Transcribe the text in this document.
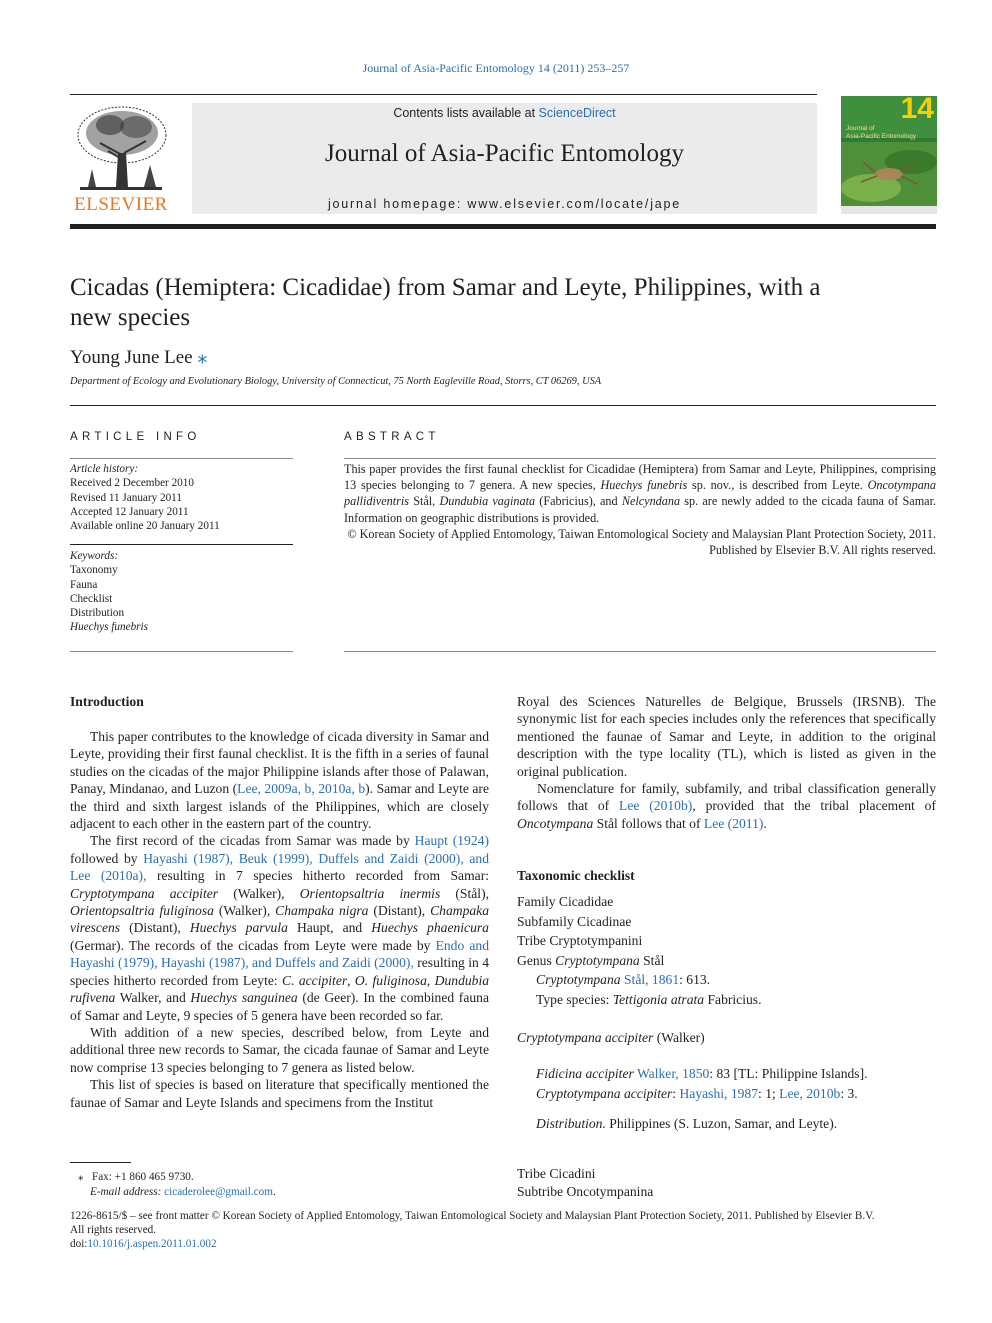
Journal of Asia-Pacific Entomology 14 (2011) 253–257
ELSEVIER
Contents lists available at ScienceDirect
Journal of Asia-Pacific Entomology
journal homepage: www.elsevier.com/locate/jape
14
Journal of
Asia-Pacific Entomology
Cicadas (Hemiptera: Cicadidae) from Samar and Leyte, Philippines, with a new species
Young June Lee ⁎
Department of Ecology and Evolutionary Biology, University of Connecticut, 75 North Eagleville Road, Storrs, CT 06269, USA
ARTICLE INFO
Article history:
Received 2 December 2010
Revised 11 January 2011
Accepted 12 January 2011
Available online 20 January 2011
Keywords:
Taxonomy
Fauna
Checklist
Distribution
Huechys funebris
ABSTRACT

This paper provides the first faunal checklist for Cicadidae (Hemiptera) from Samar and Leyte, Philippines, comprising 13 species belonging to 7 genera. A new species, Huechys funebris sp. nov., is described from Leyte. Oncotympana pallidiventris Stål, Dundubia vaginata (Fabricius), and Nelcyndana sp. are newly added to the cicada fauna of Samar. Information on geographic distributions is provided.

© Korean Society of Applied Entomology, Taiwan Entomological Society and Malaysian Plant Protection Society, 2011. Published by Elsevier B.V. All rights reserved.

Introduction

This paper contributes to the knowledge of cicada diversity in Samar and Leyte, providing their first faunal checklist. It is the fifth in a series of faunal studies on the cicadas of the major Philippine islands after those of Palawan, Panay, Mindanao, and Luzon (Lee, 2009a, b, 2010a, b). Samar and Leyte are the third and sixth largest islands of the Philippines, which are closely adjacent to each other in the eastern part of the country.

The first record of the cicadas from Samar was made by Haupt (1924) followed by Hayashi (1987), Beuk (1999), Duffels and Zaidi (2000), and Lee (2010a), resulting in 7 species hitherto recorded from Samar: Cryptotympana accipiter (Walker), Orientopsaltria inermis (Stål), Orientopsaltria fuliginosa (Walker), Champaka nigra (Distant), Champaka virescens (Distant), Huechys parvula Haupt, and Huechys phaenicura (Germar). The records of the cicadas from Leyte were made by Endo and Hayashi (1979), Hayashi (1987), and Duffels and Zaidi (2000), resulting in 4 species hitherto recorded from Leyte: C. accipiter, O. fuliginosa, Dundubia rufivena Walker, and Huechys sanguinea (de Geer). In the combined fauna of Samar and Leyte, 9 species of 5 genera have been recorded so far.

With addition of a new species, described below, from Leyte and additional three new records to Samar, the cicada faunae of Samar and Leyte now comprise 13 species belonging to 7 genera as listed below.

This list of species is based on literature that specifically mentioned the faunae of Samar and Leyte Islands and specimens from the Institut

⁎ Fax: +1 860 465 9730.
E-mail address: cicaderolee@gmail.com.

Royal des Sciences Naturelles de Belgique, Brussels (IRSNB). The synonymic list for each species includes only the references that specifically mentioned the faunae of Samar and Leyte, in addition to the original description with the type locality (TL), which is listed as given in the original publication.

Nomenclature for family, subfamily, and tribal classification generally follows that of Lee (2010b), provided that the tribal placement of Oncotympana Stål follows that of Lee (2011).

Taxonomic checklist
Family Cicadidae
Subfamily Cicadinae
Tribe Cryptotympanini
Genus Cryptotympana Stål
Cryptotympana Stål, 1861: 613.
Type species: Tettigonia atrata Fabricius.
Cryptotympana accipiter (Walker)
Fidicina accipiter Walker, 1850: 83 [TL: Philippine Islands].
Cryptotympana accipiter: Hayashi, 1987: 1; Lee, 2010b: 3.
Distribution. Philippines (S. Luzon, Samar, and Leyte).
Tribe Cicadini
Subtribe Oncotympanina
1226-8615/$ – see front matter © Korean Society of Applied Entomology, Taiwan Entomological Society and Malaysian Plant Protection Society, 2011. Published by Elsevier B.V.
All rights reserved.
doi:10.1016/j.aspen.2011.01.002
